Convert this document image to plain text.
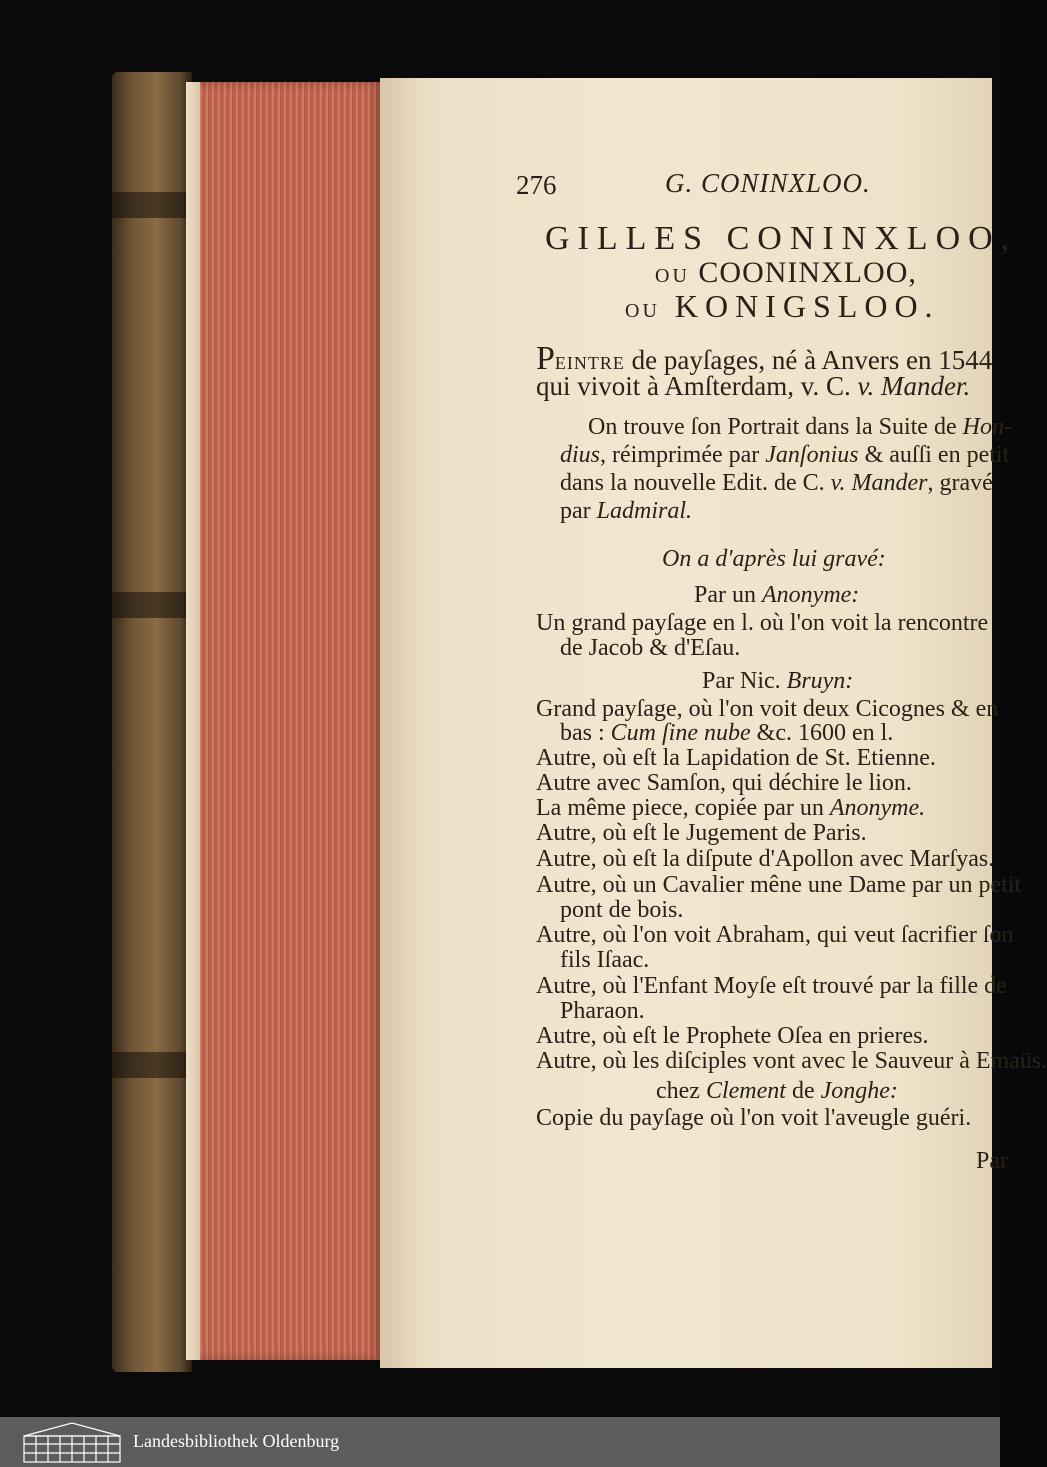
276	G. CONINXLOO.
GILLES CONINXLOO,
OU COONINXLOO,
OU KONIGSLOO.
PEINTRE de payſages, né à Anvers en 1544
qui vivoit à Amſterdam, v. C. v. Mander.
On trouve ſon Portrait dans la Suite de Hon-
dius, réimprimée par Janſonius & auſſi en petit
dans la nouvelle Edit. de C. v. Mander, gravé
par Ladmiral.
On a d'après lui gravé:
Par un Anonyme:
Un grand payſage en l. où l'on voit la rencontre
de Jacob & d'Eſau.
Par Nic. Bruyn:
Grand payſage, où l'on voit deux Cicognes & en
bas : Cum ſine nube &c. 1600 en l.
Autre, où eſt la Lapidation de St. Etienne.
Autre avec Samſon, qui déchire le lion.
La même piece, copiée par un Anonyme.
Autre, où eſt le Jugement de Paris.
Autre, où eſt la diſpute d'Apollon avec Marſyas.
Autre, où un Cavalier mêne une Dame par un petit
pont de bois.
Autre, où l'on voit Abraham, qui veut ſacrifier ſon
fils Iſaac.
Autre, où l'Enfant Moyſe eſt trouvé par la fille de
Pharaon.
Autre, où eſt le Prophete Oſea en prieres.
Autre, où les diſciples vont avec le Sauveur à Emaüs.
chez Clement de Jonghe:
Copie du payſage où l'on voit l'aveugle guéri.
Par
Landesbibliothek Oldenburg
